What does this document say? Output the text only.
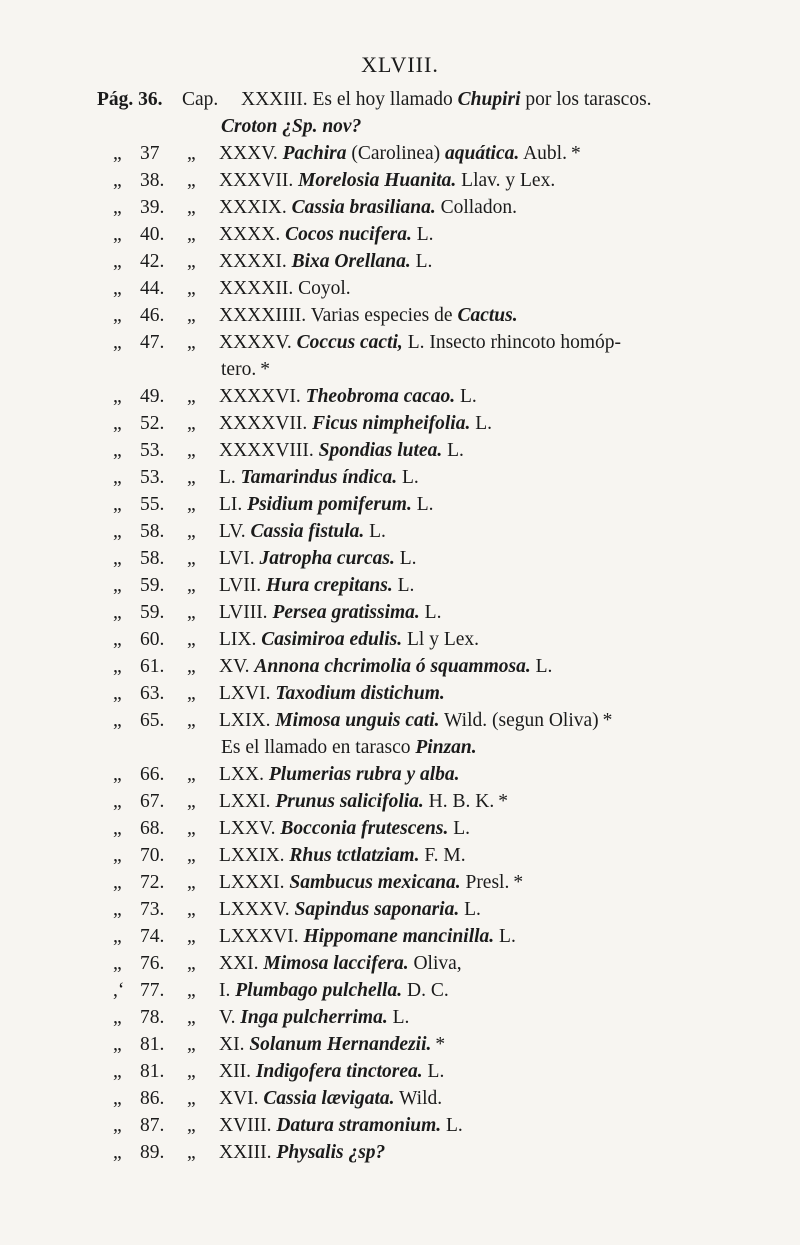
XLVIII.
Pág. 36. Cap. XXXIII. Es el hoy llamado Chupiri por los tarascos.
Croton ¿Sp. nov?
„ 37 „ XXXV. Pachira (Carolinea) aquática. Aubl. *
„ 38. „ XXXVII. Morelosia Huanita. Llav. y Lex.
„ 39. „ XXXIX. Cassia brasiliana. Colladon.
„ 40. „ XXXX. Cocos nucifera. L.
„ 42. „ XXXXI. Bixa Orellana. L.
„ 44. „ XXXXII. Coyol.
„ 46. „ XXXXIIII. Varias especies de Cactus.
„ 47. „ XXXXV. Coccus cacti, L. Insecto rhincoto homóp-
tero. *
„ 49. „ XXXXVI. Theobroma cacao. L.
„ 52. „ XXXXVII. Ficus nimpheifolia. L.
„ 53. „ XXXXVIII. Spondias lutea. L.
„ 53. „ L. Tamarindus índica. L.
„ 55. „ LI. Psidium pomiferum. L.
„ 58. „ LV. Cassia fistula. L.
„ 58. „ LVI. Jatropha curcas. L.
„ 59. „ LVII. Hura crepitans. L.
„ 59. „ LVIII. Persea gratissima. L.
„ 60. „ LIX. Casimiroa edulis. Ll y Lex.
„ 61. „ XV. Annona chcrimolia ó squammosa. L.
„ 63. „ LXVI. Taxodium distichum.
„ 65. „ LXIX. Mimosa unguis cati. Wild. (segun Oliva) *
Es el llamado en tarasco Pinzan.
„ 66. „ LXX. Plumerias rubra y alba.
„ 67. „ LXXI. Prunus salicifolia. H. B. K. *
„ 68. „ LXXV. Bocconia frutescens. L.
„ 70. „ LXXIX. Rhus tctlatziam. F. M.
„ 72. „ LXXXI. Sambucus mexicana. Presl. *
„ 73. „ LXXXV. Sapindus saponaria. L.
„ 74. „ LXXXVI. Hippomane mancinilla. L.
„ 76. „ XXI. Mimosa laccifera. Oliva,
,‘ 77. „ I. Plumbago pulchella. D. C.
„ 78. „ V. Inga pulcherrima. L.
„ 81. „ XI. Solanum Hernandezii. *
„ 81. „ XII. Indigofera tinctorea. L.
„ 86. „ XVI. Cassia lævigata. Wild.
„ 87. „ XVIII. Datura stramonium. L.
„ 89. „ XXIII. Physalis ¿sp?
